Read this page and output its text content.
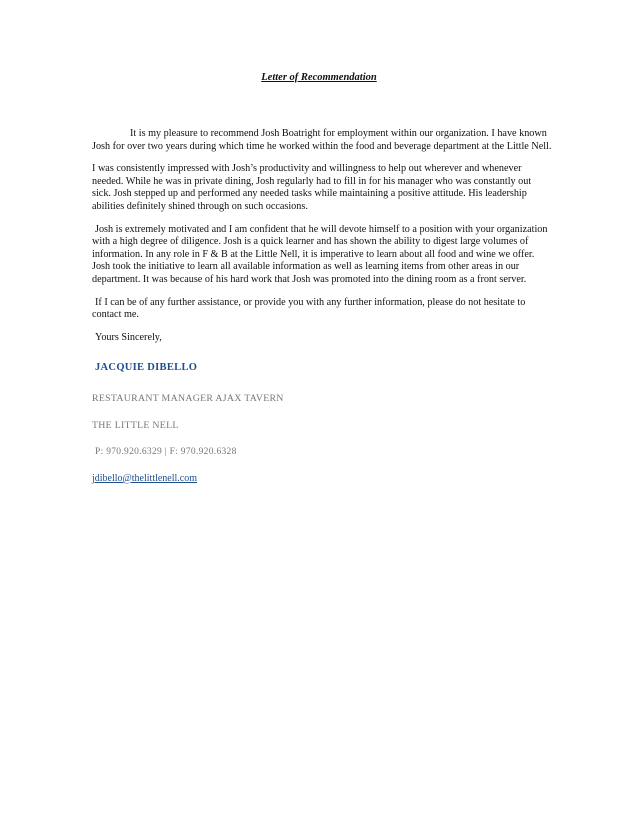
Letter of Recommendation

It is my pleasure to recommend Josh Boatright for employment within our organization. I have known Josh for over two years during which time he worked within the food and beverage department at the Little Nell.

I was consistently impressed with Josh’s productivity and willingness to help out wherever and whenever needed. While he was in private dining, Josh regularly had to fill in for his manager who was constantly out sick. Josh stepped up and performed any needed tasks while maintaining a positive attitude. His leadership abilities definitely shined through on such occasions.

Josh is extremely motivated and I am confident that he will devote himself to a position with your organization with a high degree of diligence. Josh is a quick learner and has shown the ability to digest large volumes of information. In any role in F & B at the Little Nell, it is imperative to learn about all food and wine we offer. Josh took the initiative to learn all available information as well as learning items from other areas in our department. It was because of his hard work that Josh was promoted into the dining room as a front server.

If I can be of any further assistance, or provide you with any further information, please do not hesitate to contact me.

Yours Sincerely,
JACQUIE DIBELLO
RESTAURANT MANAGER AJAX TAVERN
THE LITTLE NELL
P: 970.920.6329 | F: 970.920.6328
jdibello@thelittlenell.com
